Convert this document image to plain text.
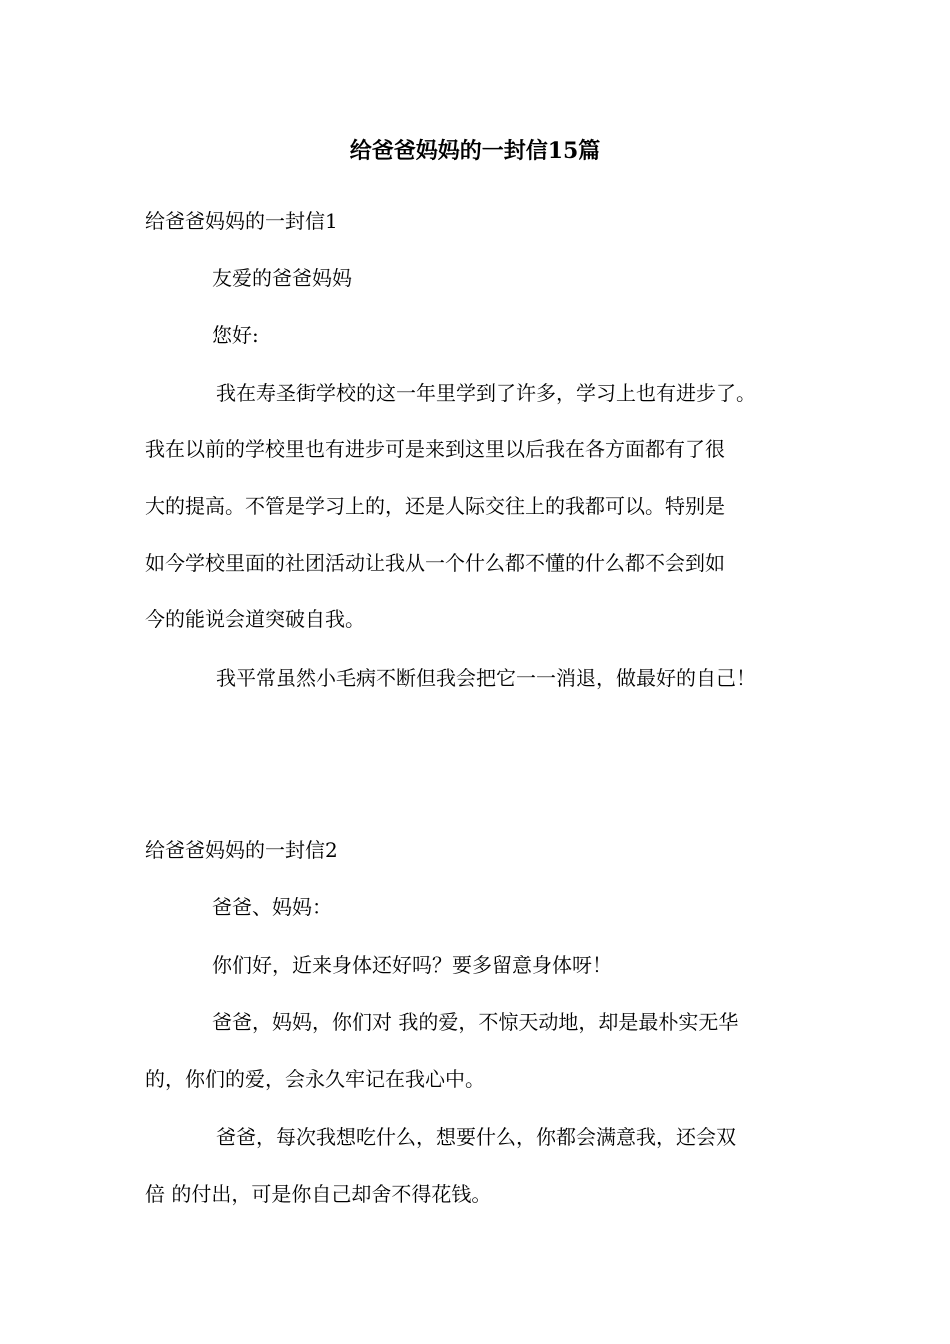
给爸爸妈妈的一封信15篇
给爸爸妈妈的一封信1
友爱的爸爸妈妈
您好:
我在寿圣街学校的这一年里学到了许多，学习上也有进步了。
我在以前的学校里也有进步可是来到这里以后我在各方面都有了很
大的提高。不管是学习上的，还是人际交往上的我都可以。特别是
如今学校里面的社团活动让我从一个什么都不懂的什么都不会到如
今的能说会道突破自我。
我平常虽然小毛病不断但我会把它一一消退，做最好的自己！
给爸爸妈妈的一封信2
爸爸、妈妈：
你们好，近来身体还好吗？要多留意身体呀！
爸爸，妈妈，你们对 我的爱，不惊天动地，却是最朴实无华
的，你们的爱，会永久牢记在我心中。
爸爸，每次我想吃什么，想要什么，你都会满意我，还会双
倍 的付出，可是你自己却舍不得花钱。
